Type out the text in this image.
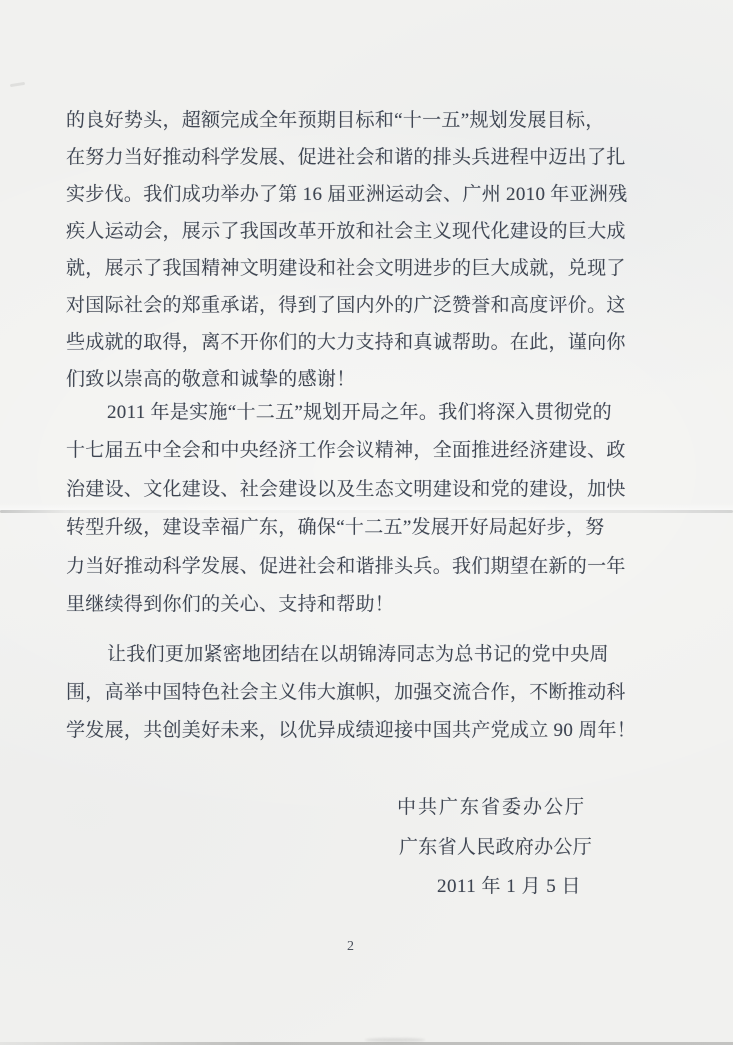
的良好势头，超额完成全年预期目标和“十一五”规划发展目标，
在努力当好推动科学发展、促进社会和谐的排头兵进程中迈出了扎
实步伐。我们成功举办了第 16 届亚洲运动会、广州 2010 年亚洲残
疾人运动会，展示了我国改革开放和社会主义现代化建设的巨大成
就，展示了我国精神文明建设和社会文明进步的巨大成就，兑现了
对国际社会的郑重承诺，得到了国内外的广泛赞誉和高度评价。这
些成就的取得，离不开你们的大力支持和真诚帮助。在此，谨向你
们致以崇高的敬意和诚挚的感谢！
2011 年是实施“十二五”规划开局之年。我们将深入贯彻党的
十七届五中全会和中央经济工作会议精神，全面推进经济建设、政
治建设、文化建设、社会建设以及生态文明建设和党的建设，加快
转型升级，建设幸福广东，确保“十二五”发展开好局起好步，努
力当好推动科学发展、促进社会和谐排头兵。我们期望在新的一年
里继续得到你们的关心、支持和帮助！
让我们更加紧密地团结在以胡锦涛同志为总书记的党中央周
围，高举中国特色社会主义伟大旗帜，加强交流合作，不断推动科
学发展，共创美好未来，以优异成绩迎接中国共产党成立 90 周年！
中共广东省委办公厅
广东省人民政府办公厅
2011 年 1 月 5 日
2
